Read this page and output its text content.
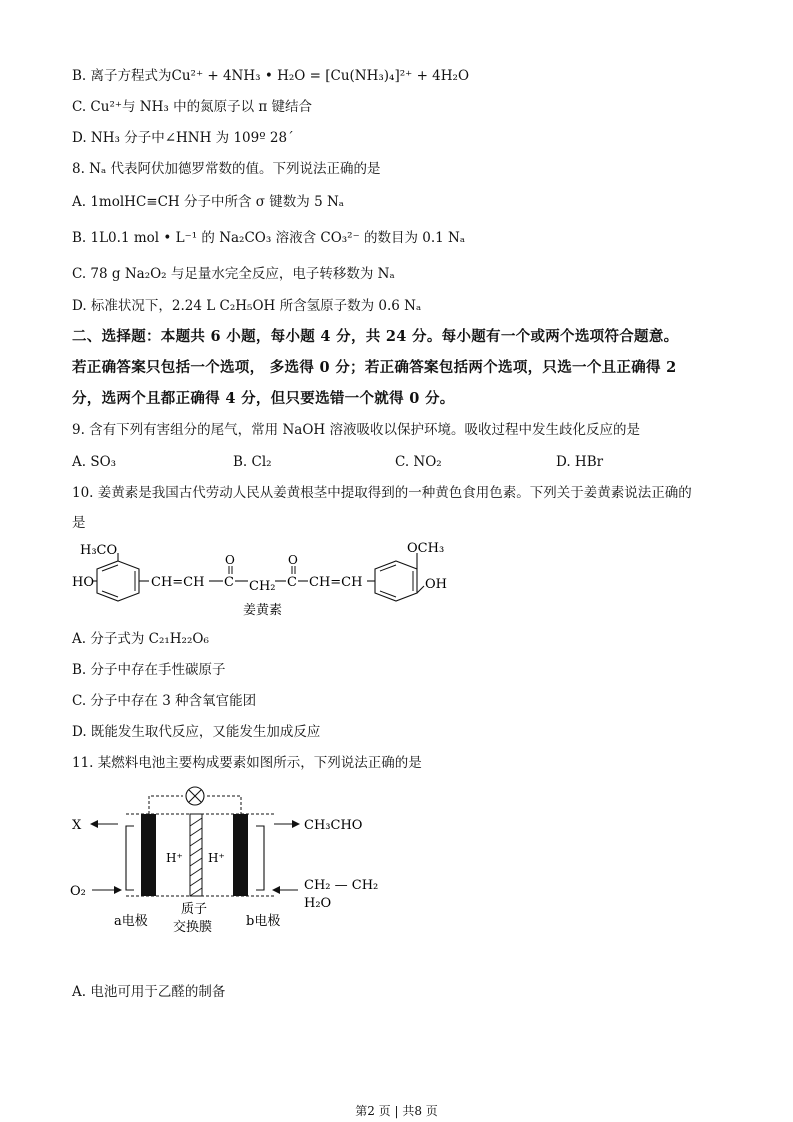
B. 离子方程式为Cu²⁺ + 4NH₃ • H₂O = [Cu(NH₃)₄]²⁺ + 4H₂O
C. Cu²⁺与 NH₃ 中的氮原子以 π 键结合
D. NH₃ 分子中∠HNH 为 109º 28´
8. Nₐ 代表阿伏加德罗常数的值。下列说法正确的是
A. 1molHC≡CH 分子中所含 σ 键数为 5 Nₐ
B. 1L0.1 mol • L⁻¹ 的 Na₂CO₃ 溶液含 CO₃²⁻ 的数目为 0.1 Nₐ
C. 78 g Na₂O₂ 与足量水完全反应，电子转移数为 Nₐ
D. 标准状况下，2.24 L C₂H₅OH 所含氢原子数为 0.6 Nₐ
二、选择题：本题共 6 小题，每小题 4 分，共 24 分。每小题有一个或两个选项符合题意。
若正确答案只包括一个选项， 多选得 0 分；若正确答案包括两个选项，只选一个且正确得 2
分，选两个且都正确得 4 分，但只要选错一个就得 0 分。
9. 含有下列有害组分的尾气，常用 NaOH 溶液吸收以保护环境。吸收过程中发生歧化反应的是
A. SO₃	B. Cl₂	C. NO₂	D. HBr
10. 姜黄素是我国古代劳动人民从姜黄根茎中提取得到的一种黄色食用色素。下列关于姜黄素说法正确的
是
H₃CO
HO	CH=CH C
O
CH₂ C
O
CH=CH
OCH₃
OH
姜黄素
A. 分子式为 C₂₁H₂₂O₆
B. 分子中存在手性碳原子
C. 分子中存在 3 种含氧官能团
D. 既能发生取代反应，又能发生加成反应
11. 某燃料电池主要构成要素如图所示，下列说法正确的是
X
O₂
CH₃CHO
CH₂ — CH₂
H₂O
H⁺ H⁺
a电极
质子
交换膜	b电极
A. 电池可用于乙醛的制备
第2 页 | 共8 页
